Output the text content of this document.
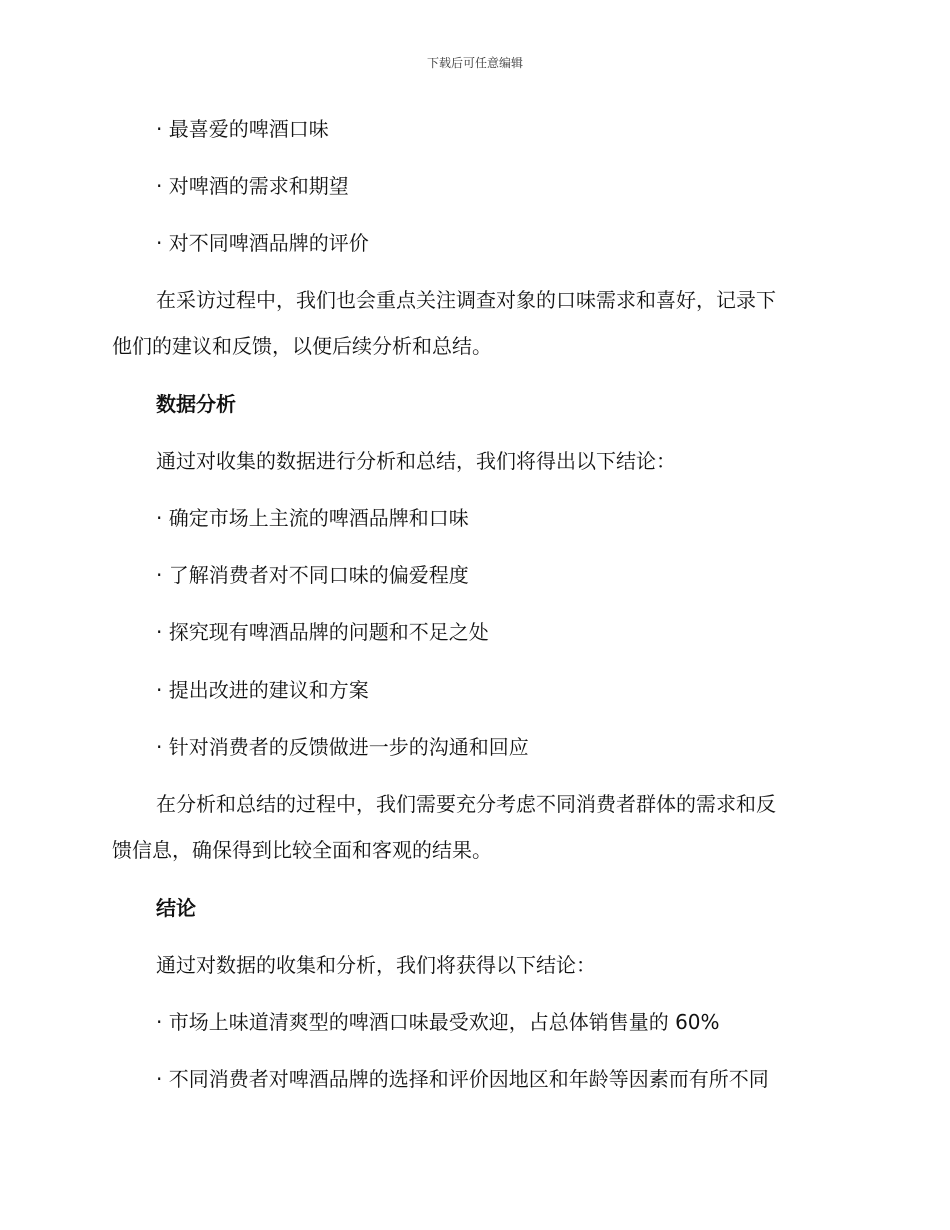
下载后可任意编辑
· 最喜爱的啤酒口味
· 对啤酒的需求和期望
· 对不同啤酒品牌的评价
在采访过程中，我们也会重点关注调查对象的口味需求和喜好，记录下
他们的建议和反馈，以便后续分析和总结。
数据分析
通过对收集的数据进行分析和总结，我们将得出以下结论：
· 确定市场上主流的啤酒品牌和口味
· 了解消费者对不同口味的偏爱程度
· 探究现有啤酒品牌的问题和不足之处
· 提出改进的建议和方案
· 针对消费者的反馈做进一步的沟通和回应
在分析和总结的过程中，我们需要充分考虑不同消费者群体的需求和反
馈信息，确保得到比较全面和客观的结果。
结论
通过对数据的收集和分析，我们将获得以下结论：
· 市场上味道清爽型的啤酒口味最受欢迎，占总体销售量的 60%
· 不同消费者对啤酒品牌的选择和评价因地区和年龄等因素而有所不同
